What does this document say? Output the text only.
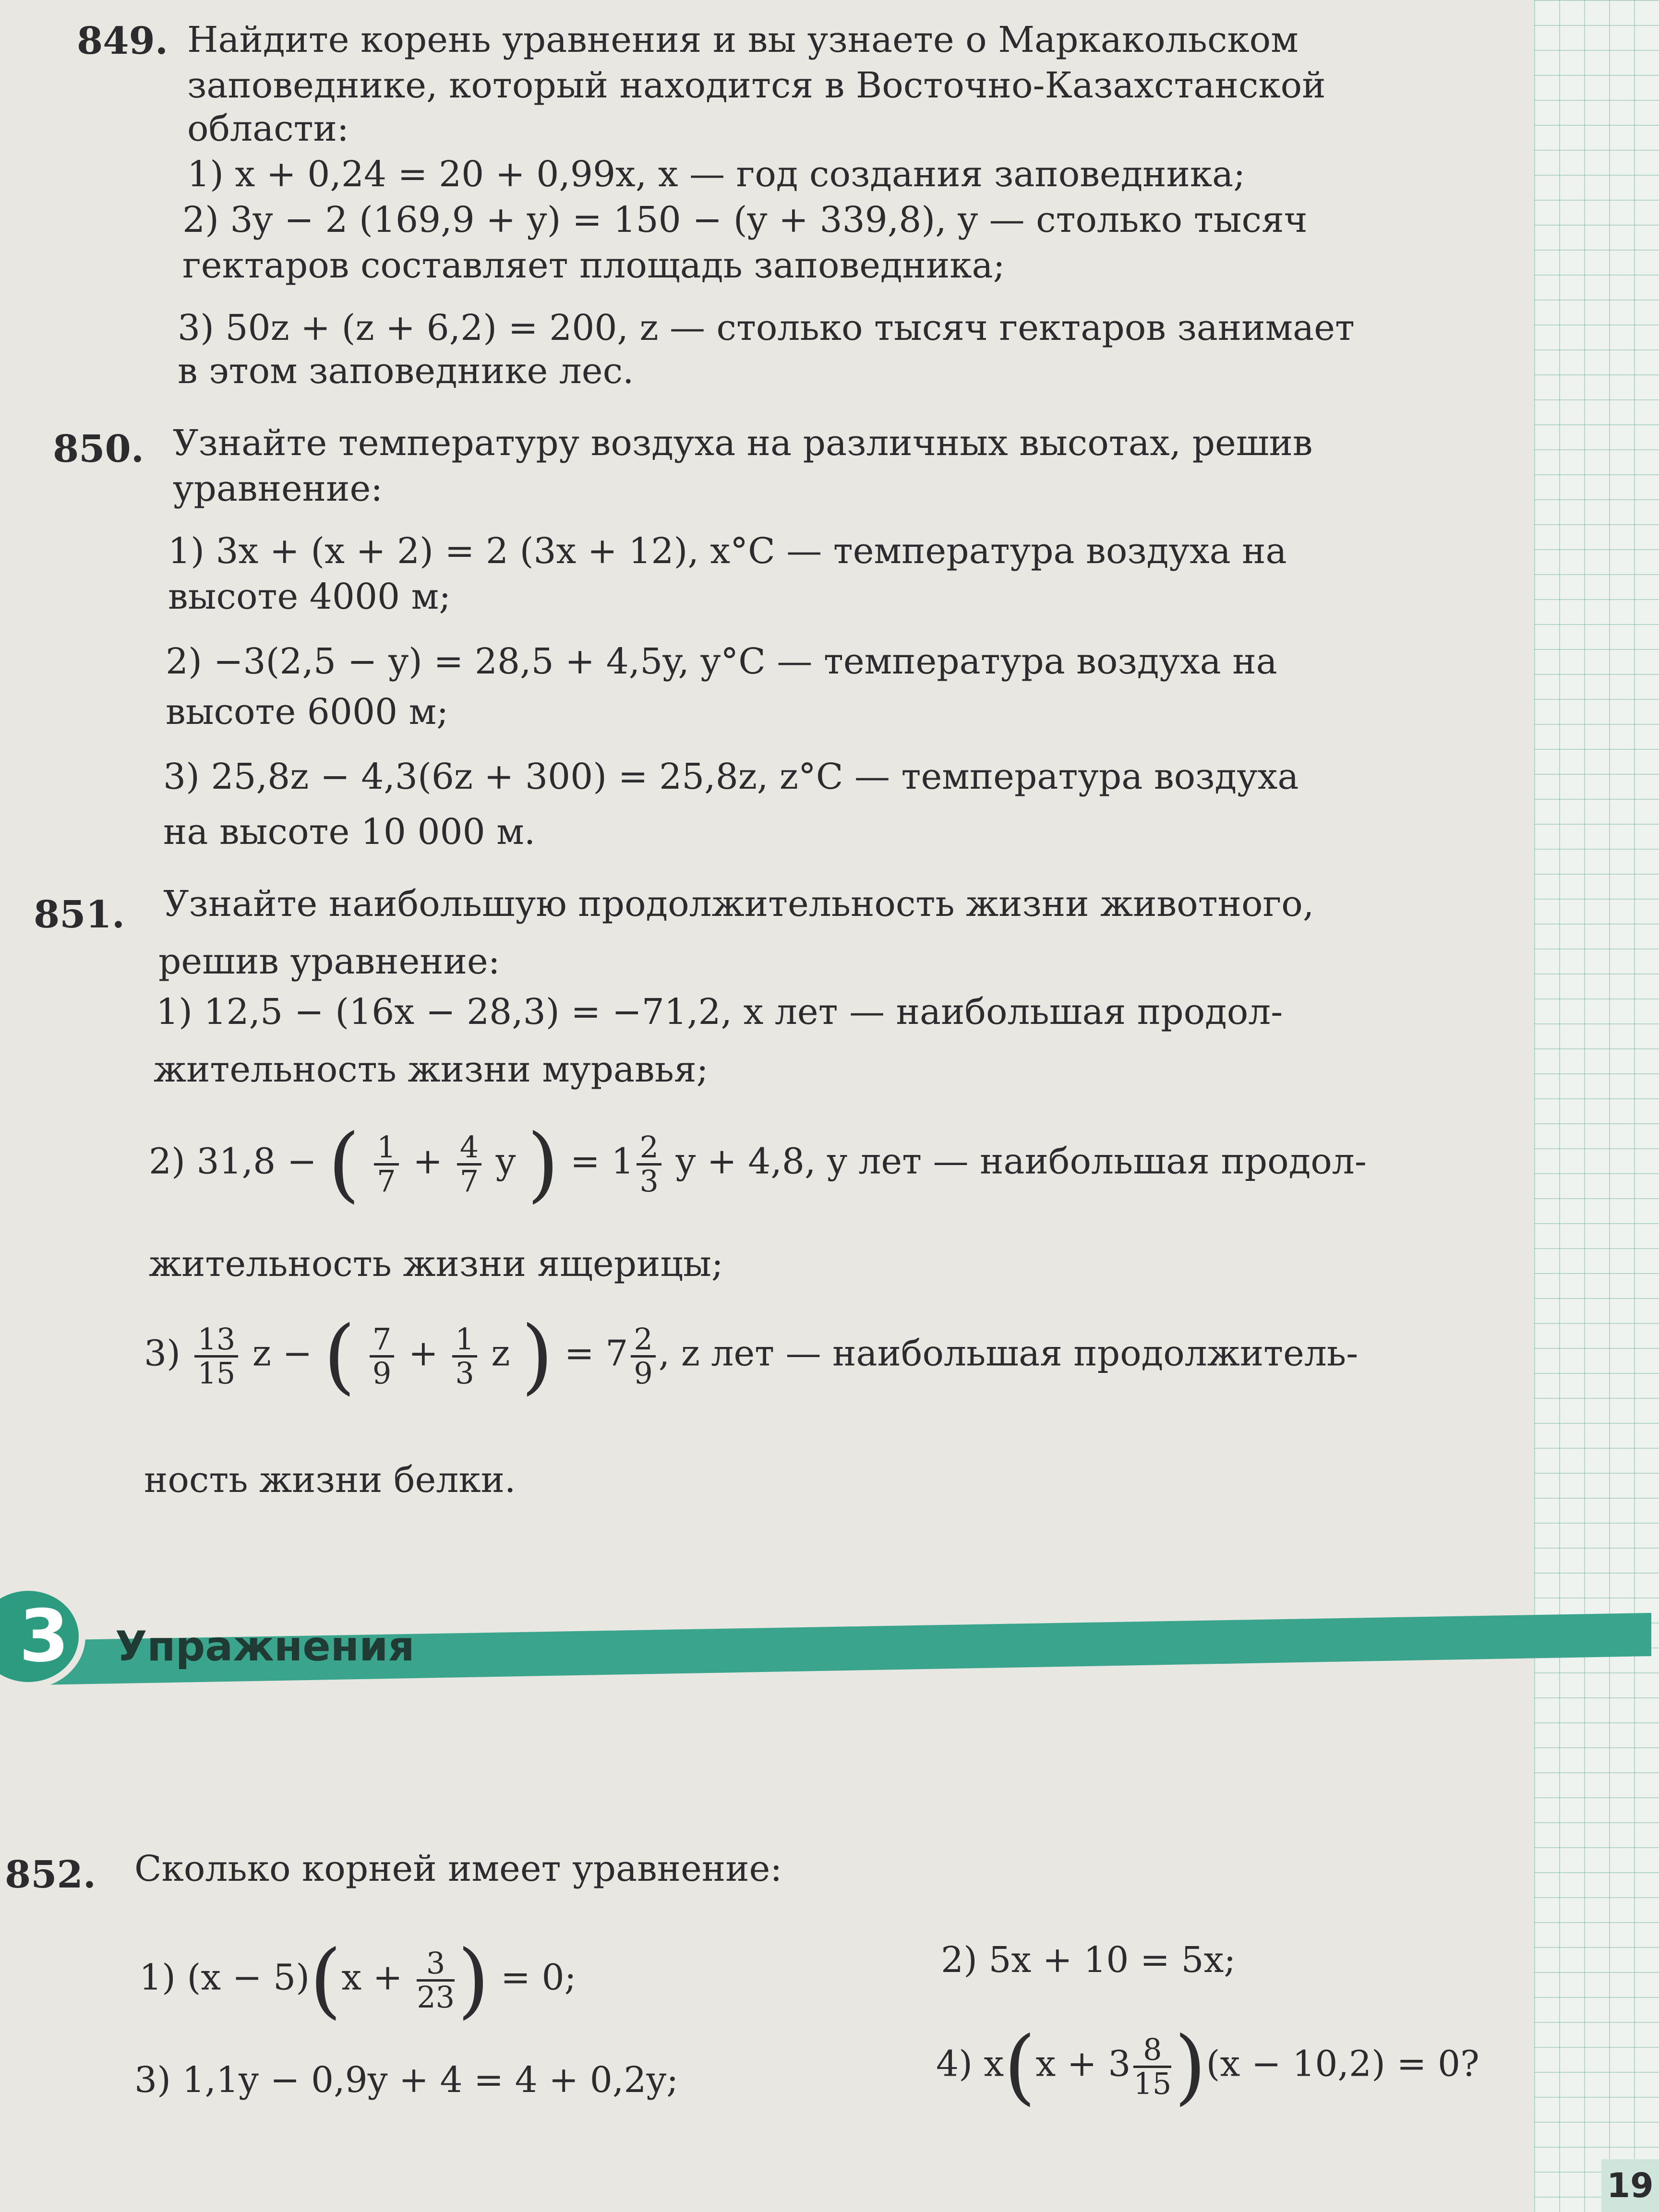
849. Найдите корень уравнения и вы узнаете о Маркакольском
заповеднике, который находится в Восточно-Казахстанской
области:
1) x + 0,24 = 20 + 0,99x, x — год создания заповедника;
2) 3y − 2 (169,9 + y) = 150 − (y + 339,8), y — столько тысяч
гектаров составляет площадь заповедника;
3) 50z + (z + 6,2) = 200, z — столько тысяч гектаров занимает
в этом заповеднике лес.
850. Узнайте температуру воздуха на различных высотах, решив
уравнение:
1) 3x + (x + 2) = 2 (3x + 12), x°C — температура воздуха на
высоте 4000 м;
2) −3(2,5 − y) = 28,5 + 4,5y, y°C — температура воздуха на
высоте 6000 м;
3) 25,8z − 4,3(6z + 300) = 25,8z, z°C — температура воздуха
на высоте 10 000 м.
851. Узнайте наибольшую продолжительность жизни животного,
решив уравнение:
1) 12,5 − (16x − 28,3) = −71,2, x лет — наибольшая продол-
жительность жизни муравья;
2) 31,8 − ( $\frac{1}{7} + \frac{4}{7}$ y ) = $1 \frac{2}{3}$ y + 4,8, y лет — наибольшая продол-
жительность жизни ящерицы;
$3) \frac{13}{15}$ z − ( $\frac{7}{9} + \frac{1}{3}$ z ) = $7 \frac{2}{9}$ , z лет — наибольшая продолжитель-
ность жизни белки.
3	Упражнения
852. Сколько корней имеет уравнение:
1) $(x - 5)(x + \frac{3}{23}$ ) = 0;	2) 5x + 10 = 5x;
3) 1,1y − 0,9y + 4 = 4 + 0,2y;	4) $x(x + 3 \frac{8}{15} )(x - 10,2) = 0$?
19
